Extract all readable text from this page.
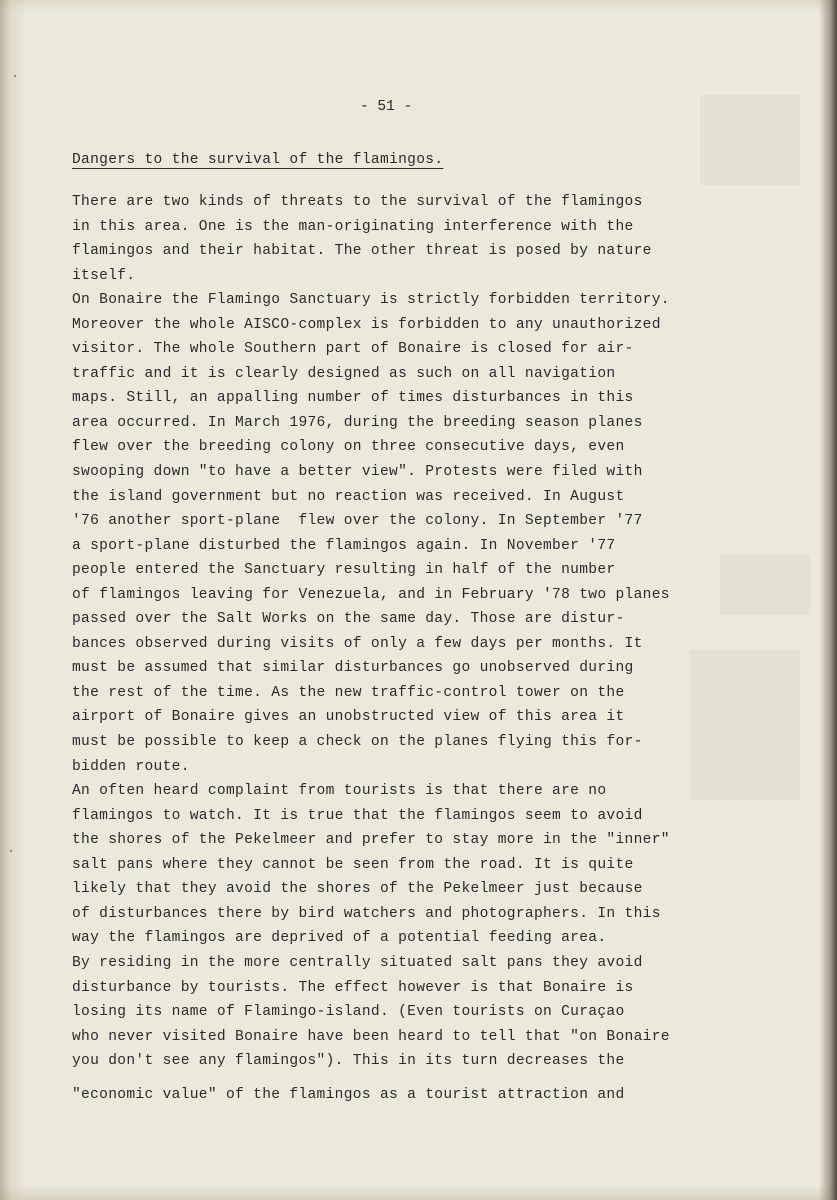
- 51 -
Dangers to the survival of the flamingos.
There are two kinds of threats to the survival of the flamingos
in this area. One is the man-originating interference with the
flamingos and their habitat. The other threat is posed by nature
itself.
On Bonaire the Flamingo Sanctuary is strictly forbidden territory.
Moreover the whole AISCO-complex is forbidden to any unauthorized
visitor. The whole Southern part of Bonaire is closed for air-
traffic and it is clearly designed as such on all navigation
maps. Still, an appalling number of times disturbances in this
area occurred. In March 1976, during the breeding season planes
flew over the breeding colony on three consecutive days, even
swooping down "to have a better view". Protests were filed with
the island government but no reaction was received. In August
'76 another sport-plane  flew over the colony. In September '77
a sport-plane disturbed the flamingos again. In November '77
people entered the Sanctuary resulting in half of the number
of flamingos leaving for Venezuela, and in February '78 two planes
passed over the Salt Works on the same day. Those are distur-
bances observed during visits of only a few days per months. It
must be assumed that similar disturbances go unobserved during
the rest of the time. As the new traffic-control tower on the
airport of Bonaire gives an unobstructed view of this area it
must be possible to keep a check on the planes flying this for-
bidden route.
An often heard complaint from tourists is that there are no
flamingos to watch. It is true that the flamingos seem to avoid
the shores of the Pekelmeer and prefer to stay more in the "inner"
salt pans where they cannot be seen from the road. It is quite
likely that they avoid the shores of the Pekelmeer just because
of disturbances there by bird watchers and photographers. In this
way the flamingos are deprived of a potential feeding area.
By residing in the more centrally situated salt pans they avoid
disturbance by tourists. The effect however is that Bonaire is
losing its name of Flamingo-island. (Even tourists on Curaçao
who never visited Bonaire have been heard to tell that "on Bonaire
you don't see any flamingos"). This in its turn decreases the
"economic value" of the flamingos as a tourist attraction and
